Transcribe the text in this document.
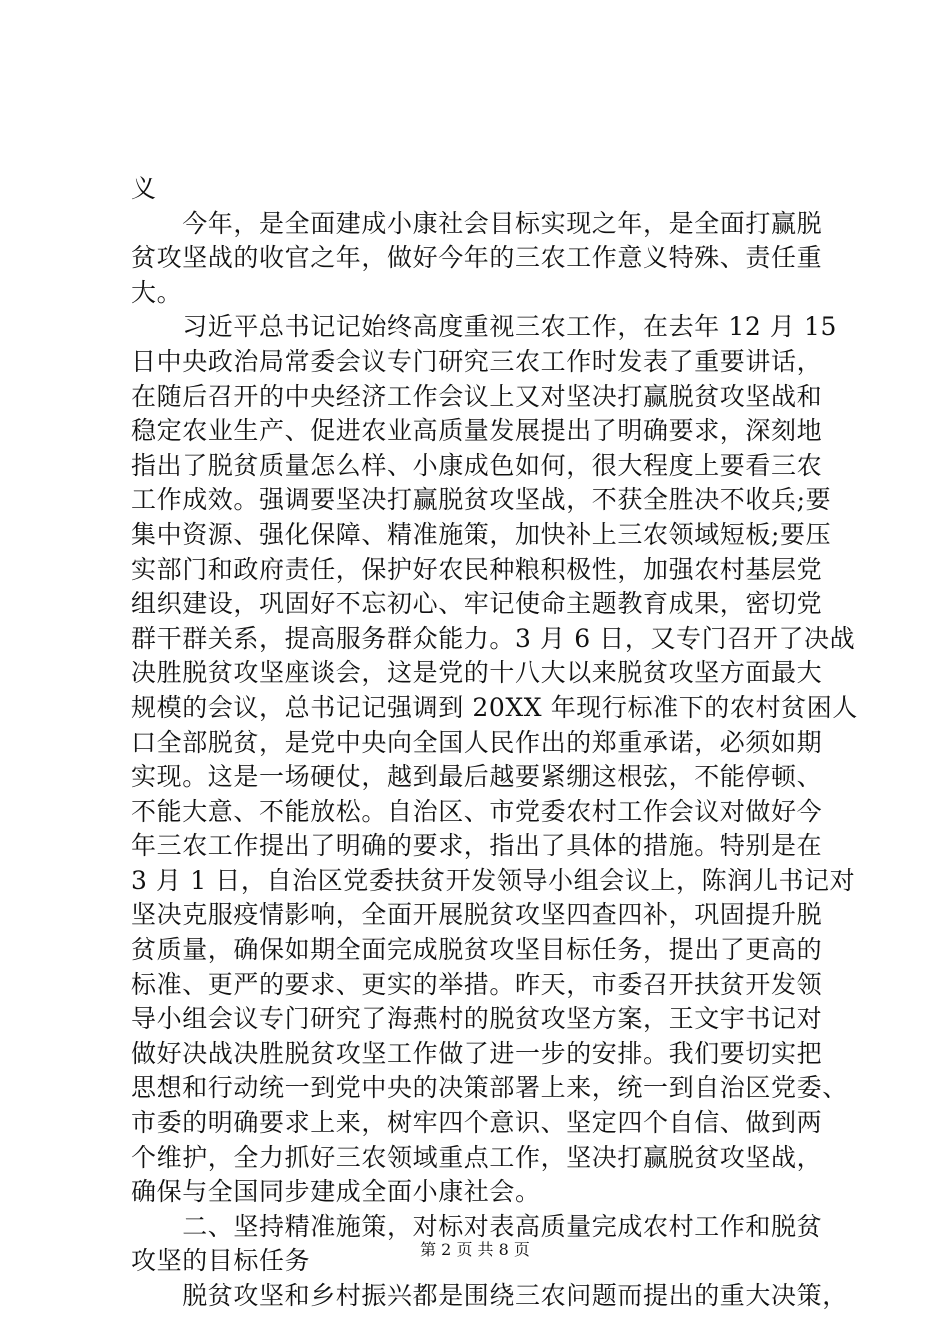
义
　　今年，是全面建成小康社会目标实现之年，是全面打赢脱
贫攻坚战的收官之年，做好今年的三农工作意义特殊、责任重
大。
　　习近平总书记记始终高度重视三农工作，在去年 12 月 15
日中央政治局常委会议专门研究三农工作时发表了重要讲话，
在随后召开的中央经济工作会议上又对坚决打赢脱贫攻坚战和
稳定农业生产、促进农业高质量发展提出了明确要求，深刻地
指出了脱贫质量怎么样、小康成色如何，很大程度上要看三农
工作成效。强调要坚决打赢脱贫攻坚战，不获全胜决不收兵;要
集中资源、强化保障、精准施策，加快补上三农领域短板;要压
实部门和政府责任，保护好农民种粮积极性，加强农村基层党
组织建设，巩固好不忘初心、牢记使命主题教育成果，密切党
群干群关系，提高服务群众能力。3 月 6 日，又专门召开了决战
决胜脱贫攻坚座谈会，这是党的十八大以来脱贫攻坚方面最大
规模的会议，总书记记强调到 20XX 年现行标准下的农村贫困人
口全部脱贫，是党中央向全国人民作出的郑重承诺，必须如期
实现。这是一场硬仗，越到最后越要紧绷这根弦，不能停顿、
不能大意、不能放松。自治区、市党委农村工作会议对做好今
年三农工作提出了明确的要求，指出了具体的措施。特别是在
3 月 1 日，自治区党委扶贫开发领导小组会议上，陈润儿书记对
坚决克服疫情影响，全面开展脱贫攻坚四查四补，巩固提升脱
贫质量，确保如期全面完成脱贫攻坚目标任务，提出了更高的
标准、更严的要求、更实的举措。昨天，市委召开扶贫开发领
导小组会议专门研究了海燕村的脱贫攻坚方案，王文宇书记对
做好决战决胜脱贫攻坚工作做了进一步的安排。我们要切实把
思想和行动统一到党中央的决策部署上来，统一到自治区党委、
市委的明确要求上来，树牢四个意识、坚定四个自信、做到两
个维护，全力抓好三农领域重点工作，坚决打赢脱贫攻坚战，
确保与全国同步建成全面小康社会。
　　二、坚持精准施策，对标对表高质量完成农村工作和脱贫
攻坚的目标任务
　　脱贫攻坚和乡村振兴都是围绕三农问题而提出的重大决策，
第 2 页 共 8 页
